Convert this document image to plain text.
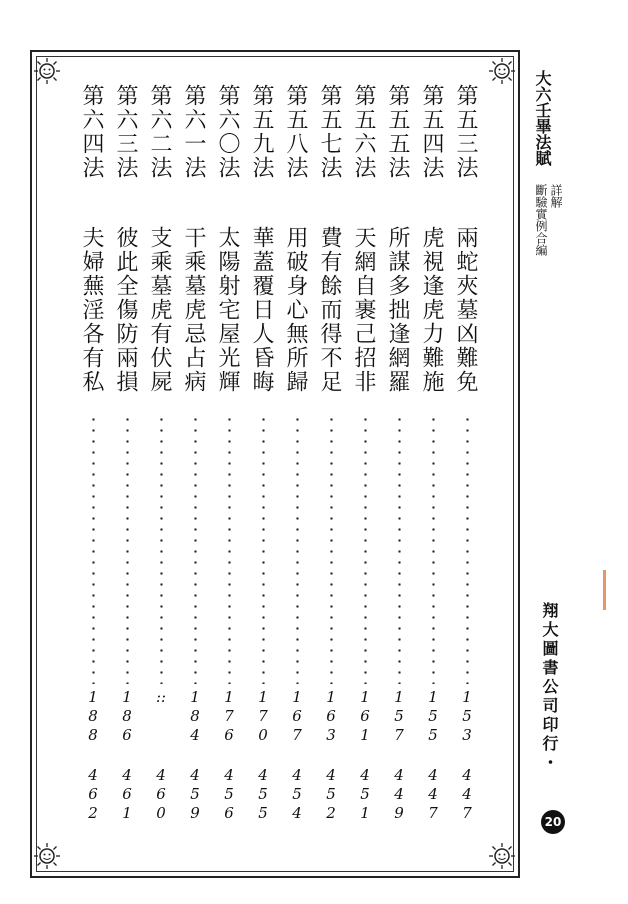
第五三法
兩蛇夾墓凶難免
153
447
第五四法
虎視逢虎力難施
155
447
第五五法
所謀多拙逢網羅
157
449
第五六法
天網自裹己招非
161
451
第五七法
費有餘而得不足
163
452
第五八法
用破身心無所歸
167
454
第五九法
華蓋覆日人昏晦
170
455
第六〇法
太陽射宅屋光輝
176
456
第六一法
干乘墓虎忌占病
184
459
第六二法
支乘墓虎有伏屍
::
460
第六三法
彼此全傷防兩損
186
461
第六四法
夫婦蕪淫各有私
188
462
大六壬畢法賦
詳解
斷驗實例合編
翔大圖書公司印行・
20
